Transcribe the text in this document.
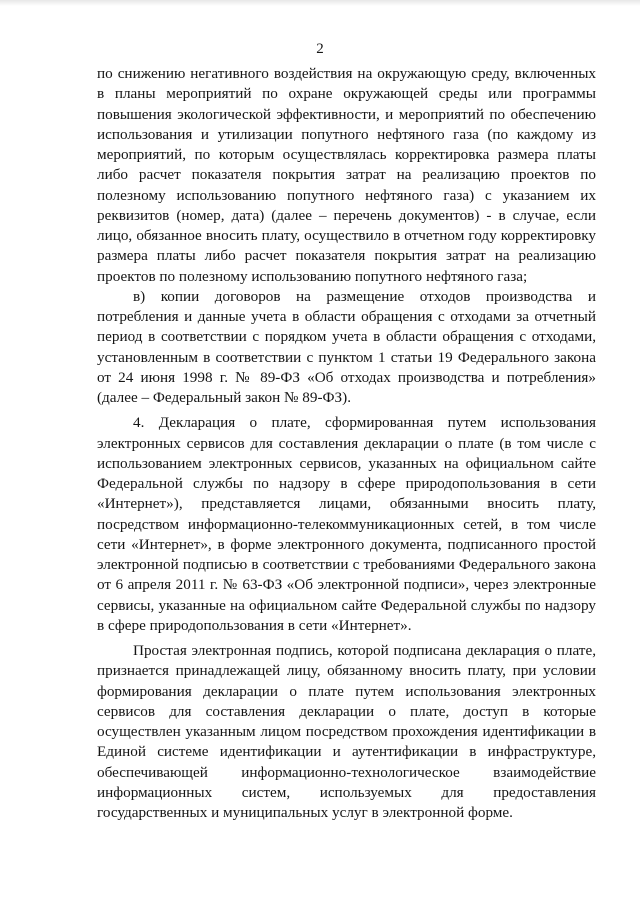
2

по снижению негативного воздействия на окружающую среду, включенных в планы мероприятий по охране окружающей среды или программы повышения экологической эффективности, и мероприятий по обеспечению использования и утилизации попутного нефтяного газа (по каждому из мероприятий, по которым осуществлялась корректировка размера платы либо расчет показателя покрытия затрат на реализацию проектов по полезному использованию попутного нефтяного газа) с указанием их реквизитов (номер, дата) (далее – перечень документов) - в случае, если лицо, обязанное вносить плату, осуществило в отчетном году корректировку размера платы либо расчет показателя покрытия затрат на реализацию проектов по полезному использованию попутного нефтяного газа;

в) копии договоров на размещение отходов производства и потребления и данные учета в области обращения с отходами за отчетный период в соответствии с порядком учета в области обращения с отходами, установленным в соответствии с пунктом 1 статьи 19 Федерального закона от 24 июня 1998 г. № 89-ФЗ «Об отходах производства и потребления» (далее – Федеральный закон № 89-ФЗ).

4. Декларация о плате, сформированная путем использования электронных сервисов для составления декларации о плате (в том числе с использованием электронных сервисов, указанных на официальном сайте Федеральной службы по надзору в сфере природопользования в сети «Интернет»), представляется лицами, обязанными вносить плату, посредством информационно-телекоммуникационных сетей, в том числе сети «Интернет», в форме электронного документа, подписанного простой электронной подписью в соответствии с требованиями Федерального закона от 6 апреля 2011 г. № 63-ФЗ «Об электронной подписи», через электронные сервисы, указанные на официальном сайте Федеральной службы по надзору в сфере природопользования в сети «Интернет».

Простая электронная подпись, которой подписана декларация о плате, признается принадлежащей лицу, обязанному вносить плату, при условии формирования декларации о плате путем использования электронных сервисов для составления декларации о плате, доступ в которые осуществлен указанным лицом посредством прохождения идентификации в Единой системе идентификации и аутентификации в инфраструктуре, обеспечивающей информационно-технологическое взаимодействие информационных систем, используемых для предоставления государственных и муниципальных услуг в электронной форме.
